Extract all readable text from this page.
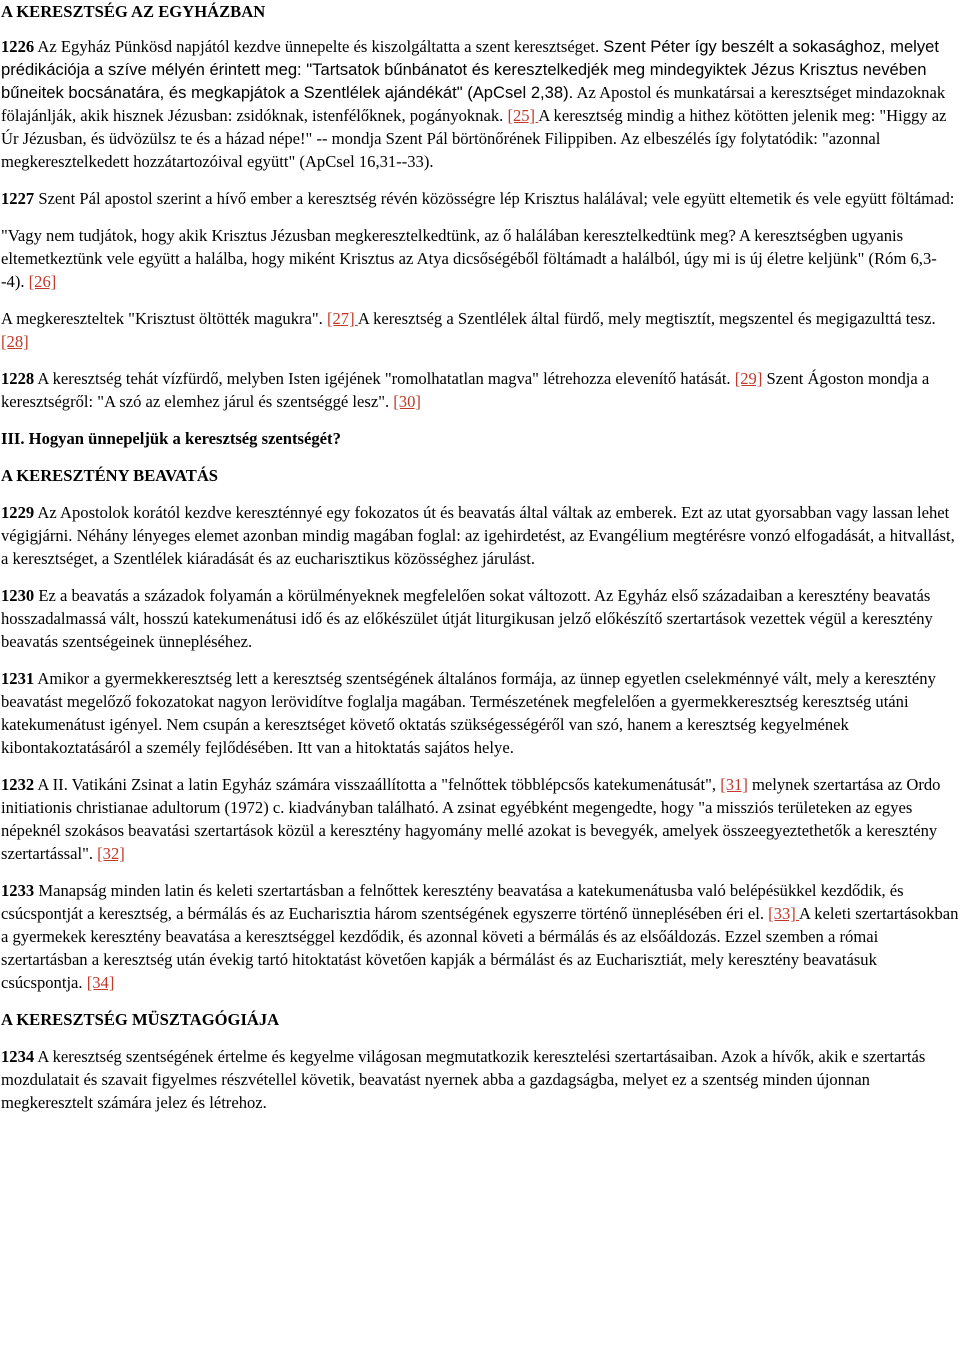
A KERESZTSÉG AZ EGYHÁZBAN

1226 Az Egyház Pünkösd napjától kezdve ünnepelte és kiszolgáltatta a szent keresztséget. Szent Péter így beszélt a sokasághoz, melyet prédikációja a szíve mélyén érintett meg: "Tartsatok bűnbánatot és keresztelkedjék meg mindegyiktek Jézus Krisztus nevében bűneitek bocsánatára, és megkapjátok a Szentlélek ajándékát" (ApCsel 2,38). Az Apostol és munkatársai a keresztséget mindazoknak fölajánlják, akik hisznek Jézusban: zsidóknak, istenfélőknek, pogányoknak. [25] A keresztség mindig a hithez kötötten jelenik meg: "Higgy az Úr Jézusban, és üdvözülsz te és a házad népe!" -- mondja Szent Pál börtönőrének Filippiben. Az elbeszélés így folytatódik: "azonnal megkeresztelkedett hozzátartozóival együtt" (ApCsel 16,31--33).

1227 Szent Pál apostol szerint a hívő ember a keresztség révén közösségre lép Krisztus halálával; vele együtt eltemetik és vele együtt föltámad:

"Vagy nem tudjátok, hogy akik Krisztus Jézusban megkeresztelkedtünk, az ő halálában keresztelkedtünk meg? A keresztségben ugyanis eltemetkeztünk vele együtt a halálba, hogy miként Krisztus az Atya dicsőségéből föltámadt a halálból, úgy mi is új életre keljünk" (Róm 6,3--4). [26]

A megkereszteltek "Krisztust öltötték magukra". [27] A keresztség a Szentlélek által fürdő, mely megtisztít, megszentel és megigazulttá tesz. [28]

1228 A keresztség tehát vízfürdő, melyben Isten igéjének "romolhatatlan magva" létrehozza elevenítő hatását. [29] Szent Ágoston mondja a keresztségről: "A szó az elemhez járul és szentséggé lesz". [30]

III. Hogyan ünnepeljük a keresztség szentségét?
A KERESZTÉNY BEAVATÁS

1229 Az Apostolok korától kezdve kereszténnyé egy fokozatos út és beavatás által váltak az emberek. Ezt az utat gyorsabban vagy lassan lehet végigjárni. Néhány lényeges elemet azonban mindig magában foglal: az igehirdetést, az Evangélium megtérésre vonzó elfogadását, a hitvallást, a keresztséget, a Szentlélek kiáradását és az eucharisztikus közösséghez járulást.

1230 Ez a beavatás a századok folyamán a körülményeknek megfelelően sokat változott. Az Egyház első századaiban a keresztény beavatás hosszadalmassá vált, hosszú katekumenátusi idő és az előkészület útját liturgikusan jelző előkészítő szertartások vezettek végül a keresztény beavatás szentségeinek ünnepléséhez.

1231 Amikor a gyermekkeresztség lett a keresztség szentségének általános formája, az ünnep egyetlen cselekménnyé vált, mely a keresztény beavatást megelőző fokozatokat nagyon lerövidítve foglalja magában. Természetének megfelelően a gyermekkeresztség keresztség utáni katekumenátust igényel. Nem csupán a keresztséget követő oktatás szükségességéről van szó, hanem a keresztség kegyelmének kibontakoztatásáról a személy fejlődésében. Itt van a hitoktatás sajátos helye.

1232 A II. Vatikáni Zsinat a latin Egyház számára visszaállította a "felnőttek többlépcsős katekumenátusát", [31] melynek szertartása az Ordo initiationis christianae adultorum (1972) c. kiadványban található. A zsinat egyébként megengedte, hogy "a missziós területeken az egyes népeknél szokásos beavatási szertartások közül a keresztény hagyomány mellé azokat is bevegyék, amelyek összeegyeztethetők a keresztény szertartással". [32]

1233 Manapság minden latin és keleti szertartásban a felnőttek keresztény beavatása a katekumenátusba való belépésükkel kezdődik, és csúcspontját a keresztség, a bérmálás és az Eucharisztia három szentségének egyszerre történő ünneplésében éri el. [33] A keleti szertartásokban a gyermekek keresztény beavatása a keresztséggel kezdődik, és azonnal követi a bérmálás és az elsőáldozás. Ezzel szemben a római szertartásban a keresztség után évekig tartó hitoktatást követően kapják a bérmálást és az Eucharisztiát, mely keresztény beavatásuk csúcspontja. [34]

A KERESZTSÉG MÜSZTAGÓGIÁJA

1234 A keresztség szentségének értelme és kegyelme világosan megmutatkozik keresztelési szertartásaiban. Azok a hívők, akik e szertartás mozdulatait és szavait figyelmes részvétellel követik, beavatást nyernek abba a gazdagságba, melyet ez a szentség minden újonnan megkeresztelt számára jelez és létrehoz.
